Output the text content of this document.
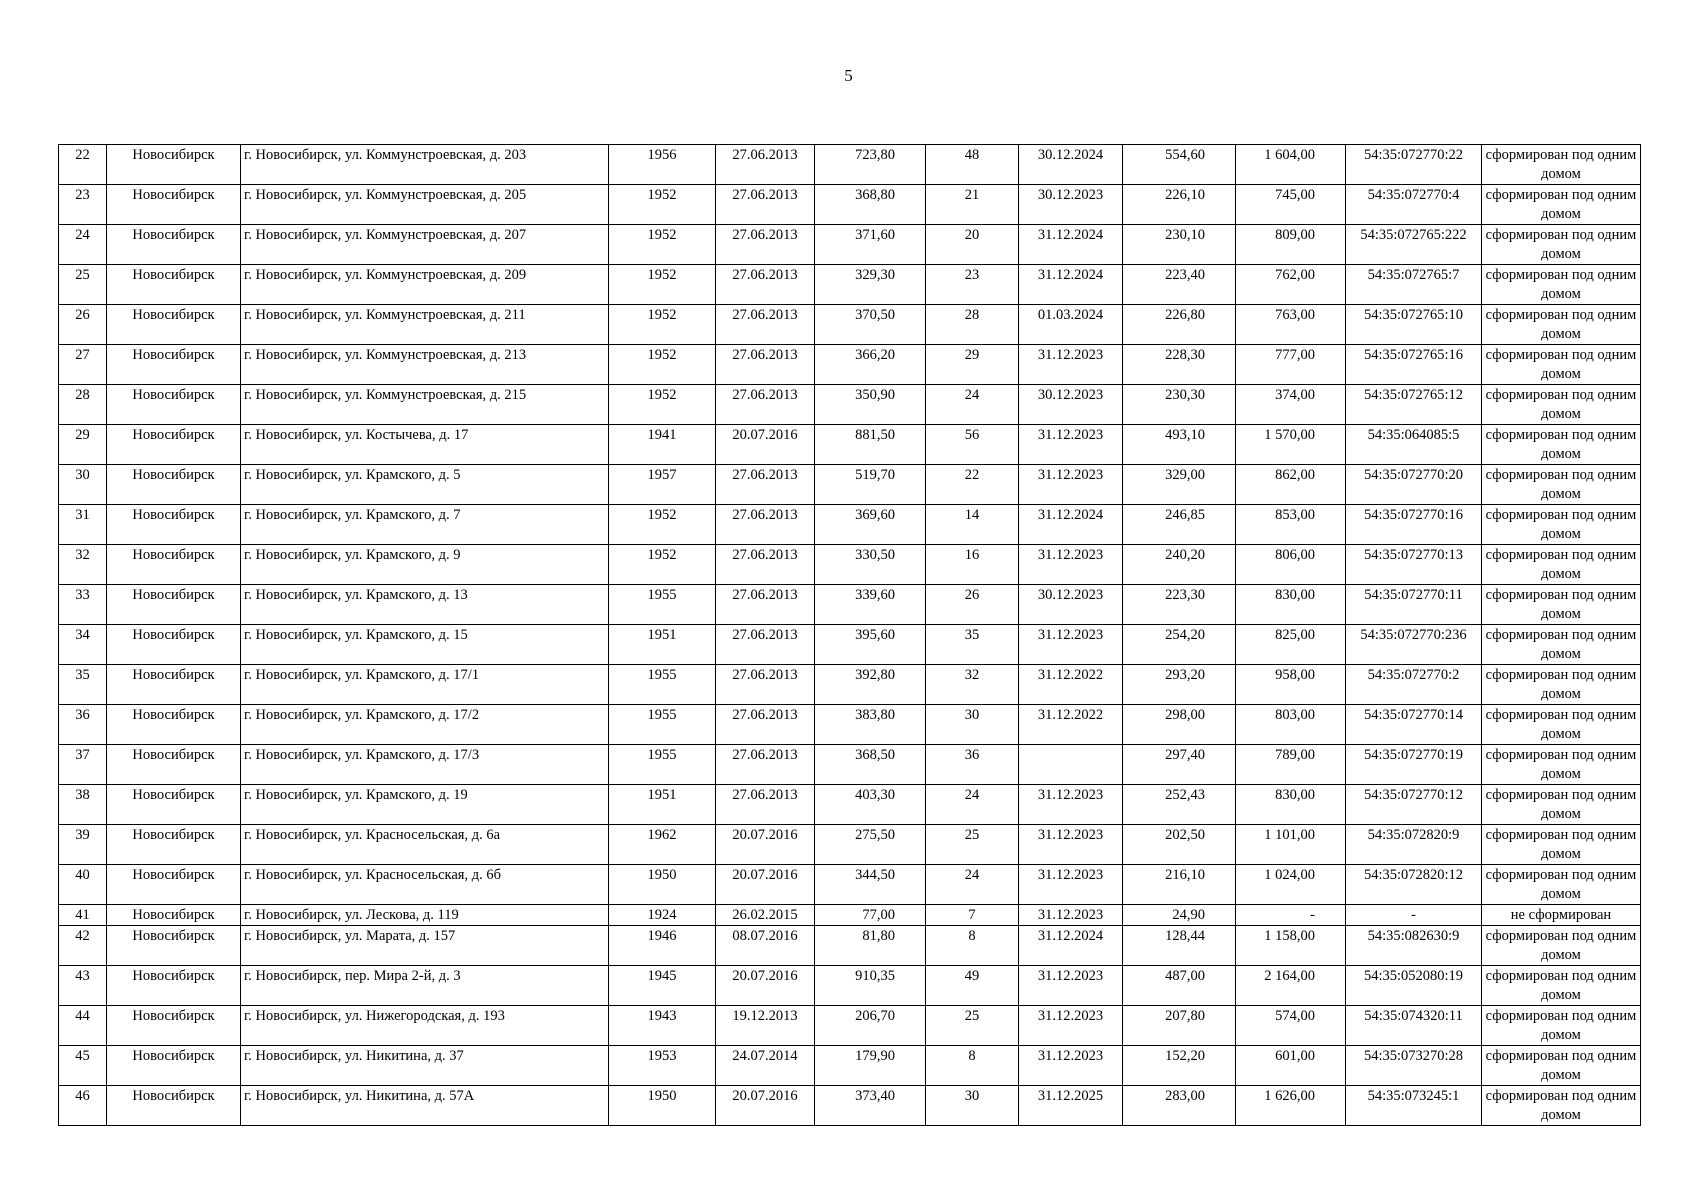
5
22	Новосибирск	г. Новосибирск, ул. Коммунстроевская, д. 203	1956	27.06.2013	723,80	48	30.12.2024	554,60	1 604,00	54:35:072770:22	сформирован под одним домом
23	Новосибирск	г. Новосибирск, ул. Коммунстроевская, д. 205	1952	27.06.2013	368,80	21	30.12.2023	226,10	745,00	54:35:072770:4	сформирован под одним домом
24	Новосибирск	г. Новосибирск, ул. Коммунстроевская, д. 207	1952	27.06.2013	371,60	20	31.12.2024	230,10	809,00	54:35:072765:222	сформирован под одним домом
25	Новосибирск	г. Новосибирск, ул. Коммунстроевская, д. 209	1952	27.06.2013	329,30	23	31.12.2024	223,40	762,00	54:35:072765:7	сформирован под одним домом
26	Новосибирск	г. Новосибирск, ул. Коммунстроевская, д. 211	1952	27.06.2013	370,50	28	01.03.2024	226,80	763,00	54:35:072765:10	сформирован под одним домом
27	Новосибирск	г. Новосибирск, ул. Коммунстроевская, д. 213	1952	27.06.2013	366,20	29	31.12.2023	228,30	777,00	54:35:072765:16	сформирован под одним домом
28	Новосибирск	г. Новосибирск, ул. Коммунстроевская, д. 215	1952	27.06.2013	350,90	24	30.12.2023	230,30	374,00	54:35:072765:12	сформирован под одним домом
29	Новосибирск	г. Новосибирск, ул. Костычева, д. 17	1941	20.07.2016	881,50	56	31.12.2023	493,10	1 570,00	54:35:064085:5	сформирован под одним домом
30	Новосибирск	г. Новосибирск, ул. Крамского, д. 5	1957	27.06.2013	519,70	22	31.12.2023	329,00	862,00	54:35:072770:20	сформирован под одним домом
31	Новосибирск	г. Новосибирск, ул. Крамского, д. 7	1952	27.06.2013	369,60	14	31.12.2024	246,85	853,00	54:35:072770:16	сформирован под одним домом
32	Новосибирск	г. Новосибирск, ул. Крамского, д. 9	1952	27.06.2013	330,50	16	31.12.2023	240,20	806,00	54:35:072770:13	сформирован под одним домом
33	Новосибирск	г. Новосибирск, ул. Крамского, д. 13	1955	27.06.2013	339,60	26	30.12.2023	223,30	830,00	54:35:072770:11	сформирован под одним домом
34	Новосибирск	г. Новосибирск, ул. Крамского, д. 15	1951	27.06.2013	395,60	35	31.12.2023	254,20	825,00	54:35:072770:236	сформирован под одним домом
35	Новосибирск	г. Новосибирск, ул. Крамского, д. 17/1	1955	27.06.2013	392,80	32	31.12.2022	293,20	958,00	54:35:072770:2	сформирован под одним домом
36	Новосибирск	г. Новосибирск, ул. Крамского, д. 17/2	1955	27.06.2013	383,80	30	31.12.2022	298,00	803,00	54:35:072770:14	сформирован под одним домом
37	Новосибирск	г. Новосибирск, ул. Крамского, д. 17/3	1955	27.06.2013	368,50	36		297,40	789,00	54:35:072770:19	сформирован под одним домом
38	Новосибирск	г. Новосибирск, ул. Крамского, д. 19	1951	27.06.2013	403,30	24	31.12.2023	252,43	830,00	54:35:072770:12	сформирован под одним домом
39	Новосибирск	г. Новосибирск, ул. Красносельская, д. 6а	1962	20.07.2016	275,50	25	31.12.2023	202,50	1 101,00	54:35:072820:9	сформирован под одним домом
40	Новосибирск	г. Новосибирск, ул. Красносельская, д. 6б	1950	20.07.2016	344,50	24	31.12.2023	216,10	1 024,00	54:35:072820:12	сформирован под одним домом
41	Новосибирск	г. Новосибирск, ул. Лескова, д. 119	1924	26.02.2015	77,00	7	31.12.2023	24,90	-	-	не сформирован
42	Новосибирск	г. Новосибирск, ул. Марата, д. 157	1946	08.07.2016	81,80	8	31.12.2024	128,44	1 158,00	54:35:082630:9	сформирован под одним домом
43	Новосибирск	г. Новосибирск, пер. Мира 2-й, д. 3	1945	20.07.2016	910,35	49	31.12.2023	487,00	2 164,00	54:35:052080:19	сформирован под одним домом
44	Новосибирск	г. Новосибирск, ул. Нижегородская, д. 193	1943	19.12.2013	206,70	25	31.12.2023	207,80	574,00	54:35:074320:11	сформирован под одним домом
45	Новосибирск	г. Новосибирск, ул. Никитина, д. 37	1953	24.07.2014	179,90	8	31.12.2023	152,20	601,00	54:35:073270:28	сформирован под одним домом
46	Новосибирск	г. Новосибирск, ул. Никитина, д. 57А	1950	20.07.2016	373,40	30	31.12.2025	283,00	1 626,00	54:35:073245:1	сформирован под одним домом
